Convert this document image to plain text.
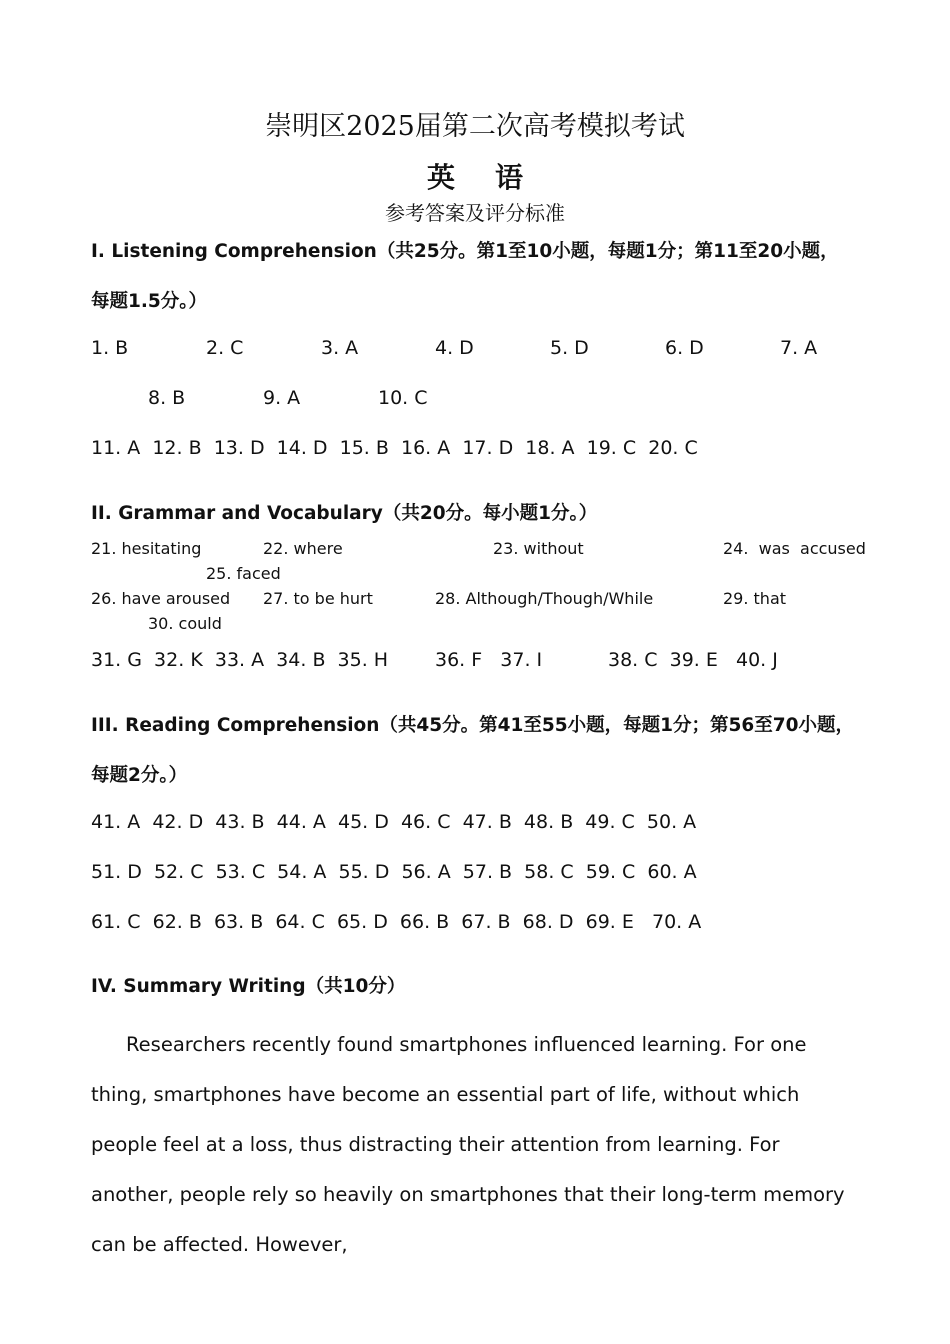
崇明区2025届第二次高考模拟考试
英语
参考答案及评分标准
I. Listening Comprehension（共25分。第1至10小题，每题1分；第11至20小题，
每题1.5分。）
1. B	2. C	3. A	4. D	5. D	6. D	7. A
8. B	9. A	10. C
11. A  12. B  13. D  14. D  15. B  16. A  17. D  18. A  19. C  20. C
II. Grammar and Vocabulary（共20分。每小题1分。）
21. hesitating	22. where	23. without	24.  was  accused
25. faced
26. have aroused 27. to be hurt	28. Although/Though/While	29. that
30. could
31. G  32. K  33. A  34. B  35. H 36. F   37. I	38. C  39. E   40. J
III. Reading Comprehension（共45分。第41至55小题，每题1分；第56至70小题，
每题2分。）
41. A  42. D  43. B  44. A  45. D  46. C  47. B  48. B  49. C  50. A
51. D  52. C  53. C  54. A  55. D  56. A  57. B  58. C  59. C  60. A
61. C  62. B  63. B  64. C  65. D  66. B  67. B  68. D  69. E   70. A
IV. Summary Writing（共10分）

Researchers recently found smartphones influenced learning. For one thing, smartphones have become an essential part of life, without which people feel at a loss, thus distracting their attention from learning. For another, people rely so heavily on smartphones that their long-term memory can be affected. However,
